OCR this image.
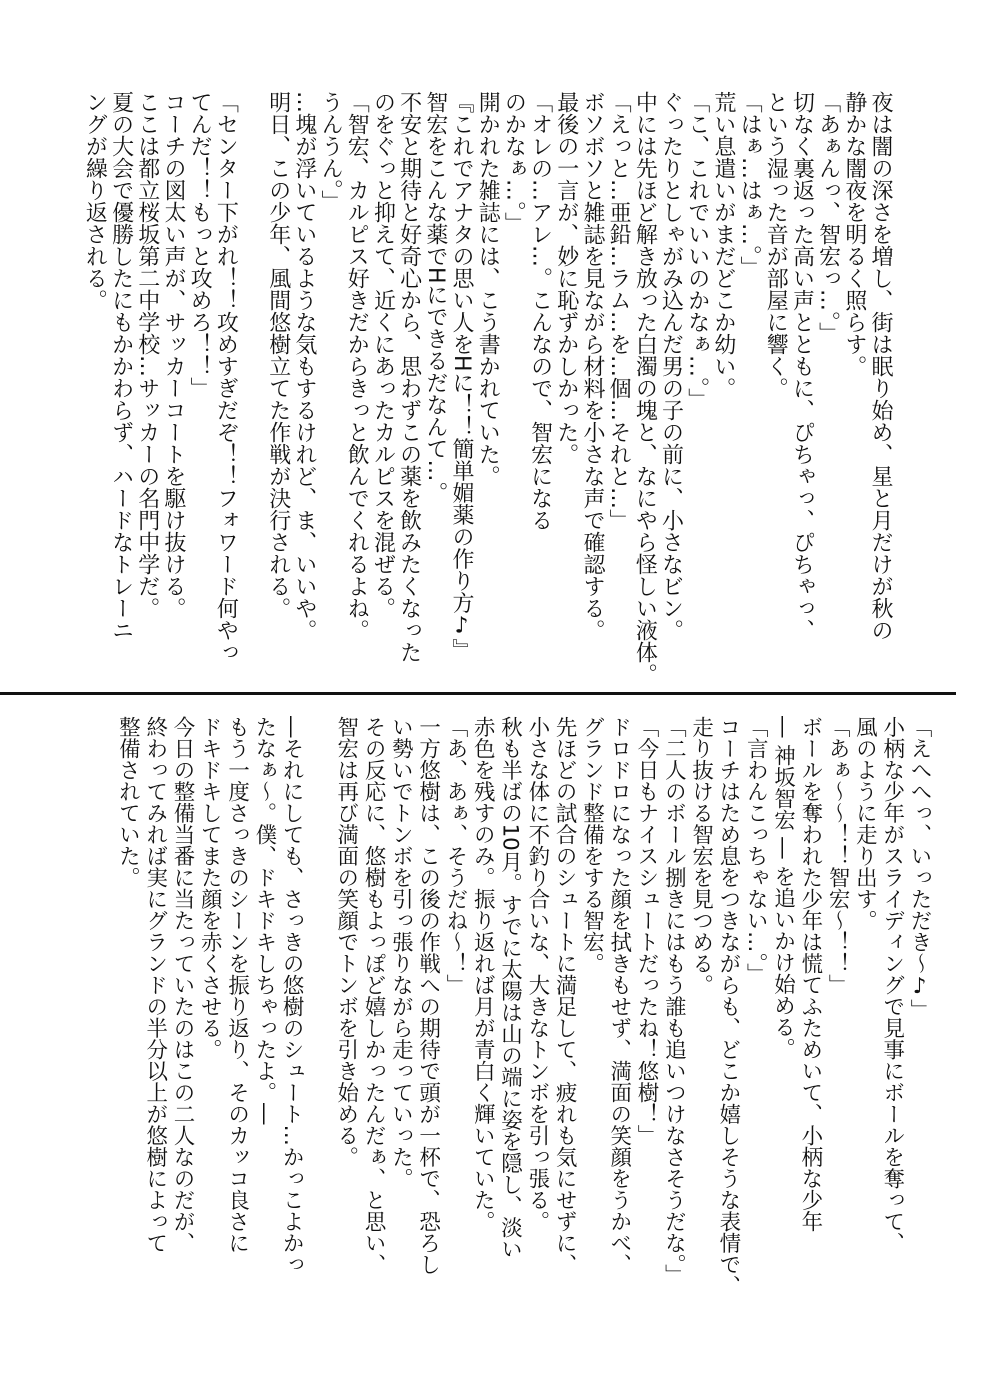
夜は闇の深さを増し、街は眠り始め、星と月だけが秋の
静かな闇夜を明るく照らす。
「あぁんっ、智宏っ…。」
切なく裏返った高い声とともに、ぴちゃっ、ぴちゃっ、
という湿った音が部屋に響く。
「はぁ…はぁ…。」
荒い息遣いがまだどこか幼い。
「こ、これでいいのかなぁ…。」
ぐったりとしゃがみ込んだ男の子の前に、小さなビン。
中には先ほど解き放った白濁の塊と、なにやら怪しい液体。
「えっと…亜鉛…ラム…を…個…それと…」
ボソボソと雑誌を見ながら材料を小さな声で確認する。
最後の一言が、妙に恥ずかしかった。
「オレの…アレ…。こんなので、智宏になる
のかなぁ…。」
開かれた雑誌には、こう書かれていた。
『これでアナタの思い人をHに！！簡単媚薬の作り方♪』
智宏をこんな薬でHにできるだなんて…。
不安と期待と好奇心から、思わずこの薬を飲みたくなった
のをぐっと抑えて、近くにあったカルピスを混ぜる。
「智宏、カルピス好きだからきっと飲んでくれるよね。
うんうん。」
…塊が浮いているような気もするけれど、ま、いいや。
明日、この少年、風間悠樹立てた作戦が決行される。
「センター下がれ！！攻めすぎだぞ！！フォワード何やっ
てんだ！！もっと攻めろ！！」
コーチの図太い声が、サッカーコートを駆け抜ける。
ここは都立桜坂第二中学校…サッカーの名門中学だ。
夏の大会で優勝したにもかかわらず、ハードなトレーニ
ングが繰り返される。
「えへへっ、いっただき～♪」
小柄な少年がスライディングで見事にボールを奪って、
風のように走り出す。
「あぁ～～！！智宏～！！」
ボールを奪われた少年は慌てふためいて、小柄な少年
― 神坂智宏 ― を追いかけ始める。
「言わんこっちゃない…。」
コーチはため息をつきながらも、どこか嬉しそうな表情で、
走り抜ける智宏を見つめる。
「二人のボール捌きにはもう誰も追いつけなさそうだな。」
「今日もナイスシュートだったね！悠樹！」
ドロドロになった顔を拭きもせず、満面の笑顔をうかべ、
グランド整備をする智宏。
先ほどの試合のシュートに満足して、疲れも気にせずに、
小さな体に不釣り合いな、大きなトンボを引っ張る。
秋も半ばの10月。すでに太陽は山の端に姿を隠し、淡い
赤色を残すのみ。振り返れば月が青白く輝いていた。
「あ、あぁ、そうだね～！」
一方悠樹は、この後の作戦への期待で頭が一杯で、恐ろし
い勢いでトンボを引っ張りながら走っていった。
その反応に、悠樹もよっぽど嬉しかったんだぁ、と思い、
智宏は再び満面の笑顔でトンボを引き始める。
―それにしても、さっきの悠樹のシュート…かっこよかっ
たなぁ～。僕、ドキドキしちゃったよ。―
もう一度さっきのシーンを振り返り、そのカッコ良さに
ドキドキしてまた顔を赤くさせる。
今日の整備当番に当たっていたのはこの二人なのだが、
終わってみれば実にグランドの半分以上が悠樹によって
整備されていた。
